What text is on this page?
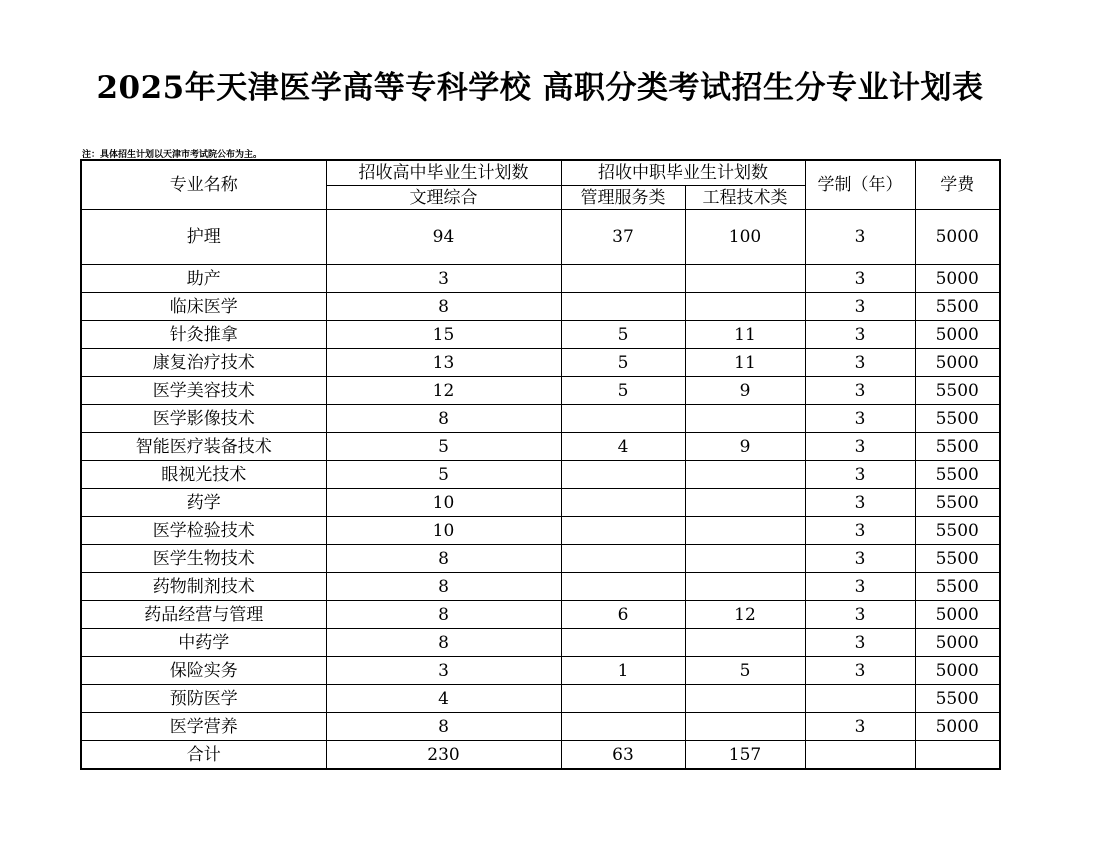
2025年天津医学高等专科学校 高职分类考试招生分专业计划表
注：具体招生计划以天津市考试院公布为主。
专业名称	招收高中毕业生计划数	招收中职毕业生计划数		学制（年）	学费
	文理综合	管理服务类	工程技术类		
护理	94	37	100	3	5000
助产	3			3	5000
临床医学	8			3	5500
针灸推拿	15	5	11	3	5000
康复治疗技术	13	5	11	3	5000
医学美容技术	12	5	9	3	5500
医学影像技术	8			3	5500
智能医疗装备技术	5	4	9	3	5500
眼视光技术	5			3	5500
药学	10			3	5500
医学检验技术	10			3	5500
医学生物技术	8			3	5500
药物制剂技术	8			3	5500
药品经营与管理	8	6	12	3	5000
中药学	8			3	5000
保险实务	3	1	5	3	5000
预防医学	4				5500
医学营养	8			3	5000
合计	230	63	157		
